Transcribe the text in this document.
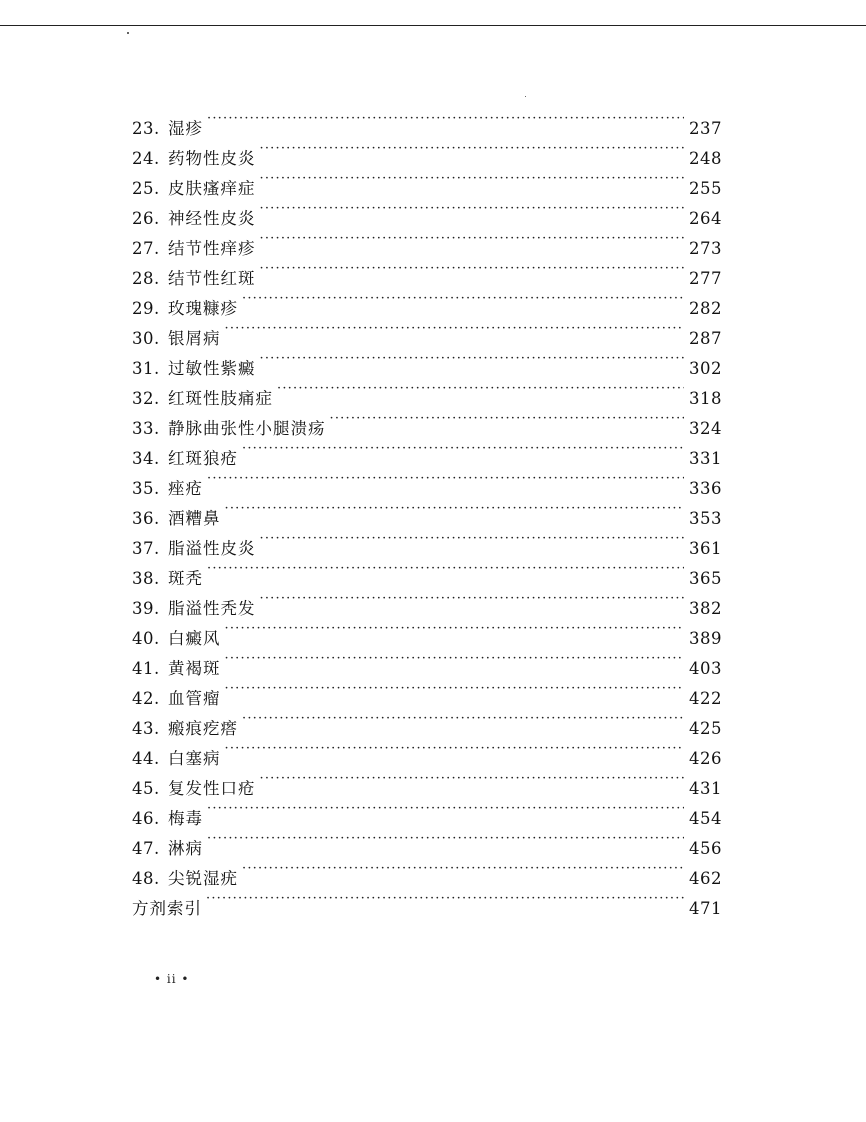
23. 湿疹 ·····	237
24. 药物性皮炎 ·····	248
25. 皮肤瘙痒症 ·····	255
26. 神经性皮炎 ·····	264
27. 结节性痒疹 ·····	273
28. 结节性红斑 ·····	277
29. 玫瑰糠疹 ·····	282
30. 银屑病 ·····	287
31. 过敏性紫癜 ·····	302
32. 红斑性肢痛症 ·····	318
33. 静脉曲张性小腿溃疡 ·····	324
34. 红斑狼疮 ·····	331
35. 痤疮 ·····	336
36. 酒糟鼻 ·····	353
37. 脂溢性皮炎 ·····	361
38. 斑秃 ·····	365
39. 脂溢性秃发 ·····	382
40. 白癜风 ·····	389
41. 黄褐斑 ·····	403
42. 血管瘤 ·····	422
43. 瘢痕疙瘩 ·····	425
44. 白塞病 ·····	426
45. 复发性口疮 ·····	431
46. 梅毒 ·····	454
47. 淋病 ·····	456
48. 尖锐湿疣 ·····	462
方剂索引 ·····	471
• ii •
